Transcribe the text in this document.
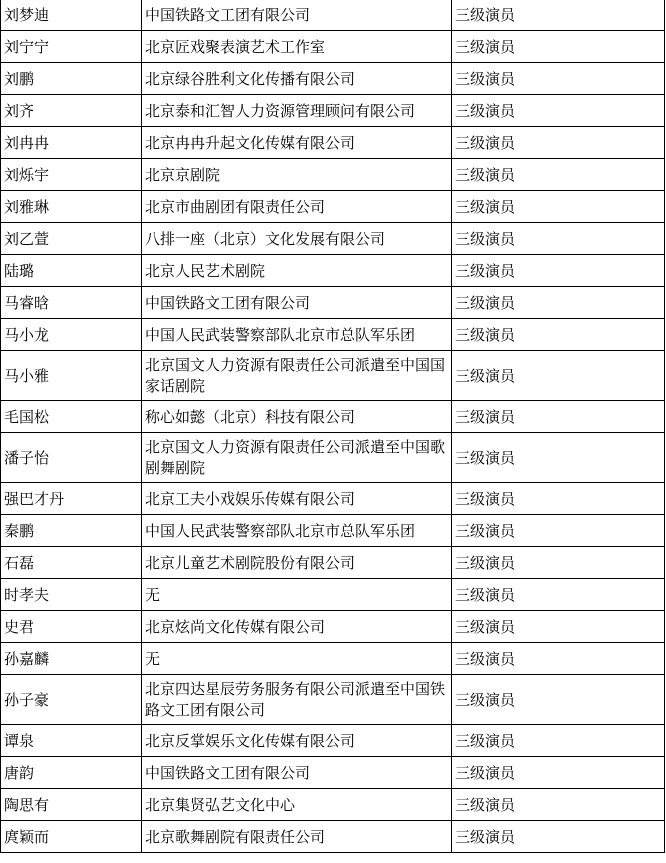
刘梦迪	中国铁路文工团有限公司	三级演员
刘宁宁	北京匠戏聚表演艺术工作室	三级演员
刘鹏	北京绿谷胜利文化传播有限公司	三级演员
刘齐	北京泰和汇智人力资源管理顾问有限公司	三级演员
刘冉冉	北京冉冉升起文化传媒有限公司	三级演员
刘烁宇	北京京剧院	三级演员
刘雅琳	北京市曲剧团有限责任公司	三级演员
刘乙萱	八排一座（北京）文化发展有限公司	三级演员
陆璐	北京人民艺术剧院	三级演员
马睿晗	中国铁路文工团有限公司	三级演员
马小龙	中国人民武装警察部队北京市总队军乐团	三级演员
马小雅	北京国文人力资源有限责任公司派遣至中国国家话剧院	三级演员
毛国松	称心如懿（北京）科技有限公司	三级演员
潘子怡	北京国文人力资源有限责任公司派遣至中国歌剧舞剧院	三级演员
强巴才丹	北京工夫小戏娱乐传媒有限公司	三级演员
秦鹏	中国人民武装警察部队北京市总队军乐团	三级演员
石磊	北京儿童艺术剧院股份有限公司	三级演员
时孝夫	无	三级演员
史君	北京炫尚文化传媒有限公司	三级演员
孙嘉麟	无	三级演员
孙子豪	北京四达星辰劳务服务有限公司派遣至中国铁路文工团有限公司	三级演员
谭泉	北京反掌娱乐文化传媒有限公司	三级演员
唐韵	中国铁路文工团有限公司	三级演员
陶思有	北京集贤弘艺文化中心	三级演员
庹颖而	北京歌舞剧院有限责任公司	三级演员
